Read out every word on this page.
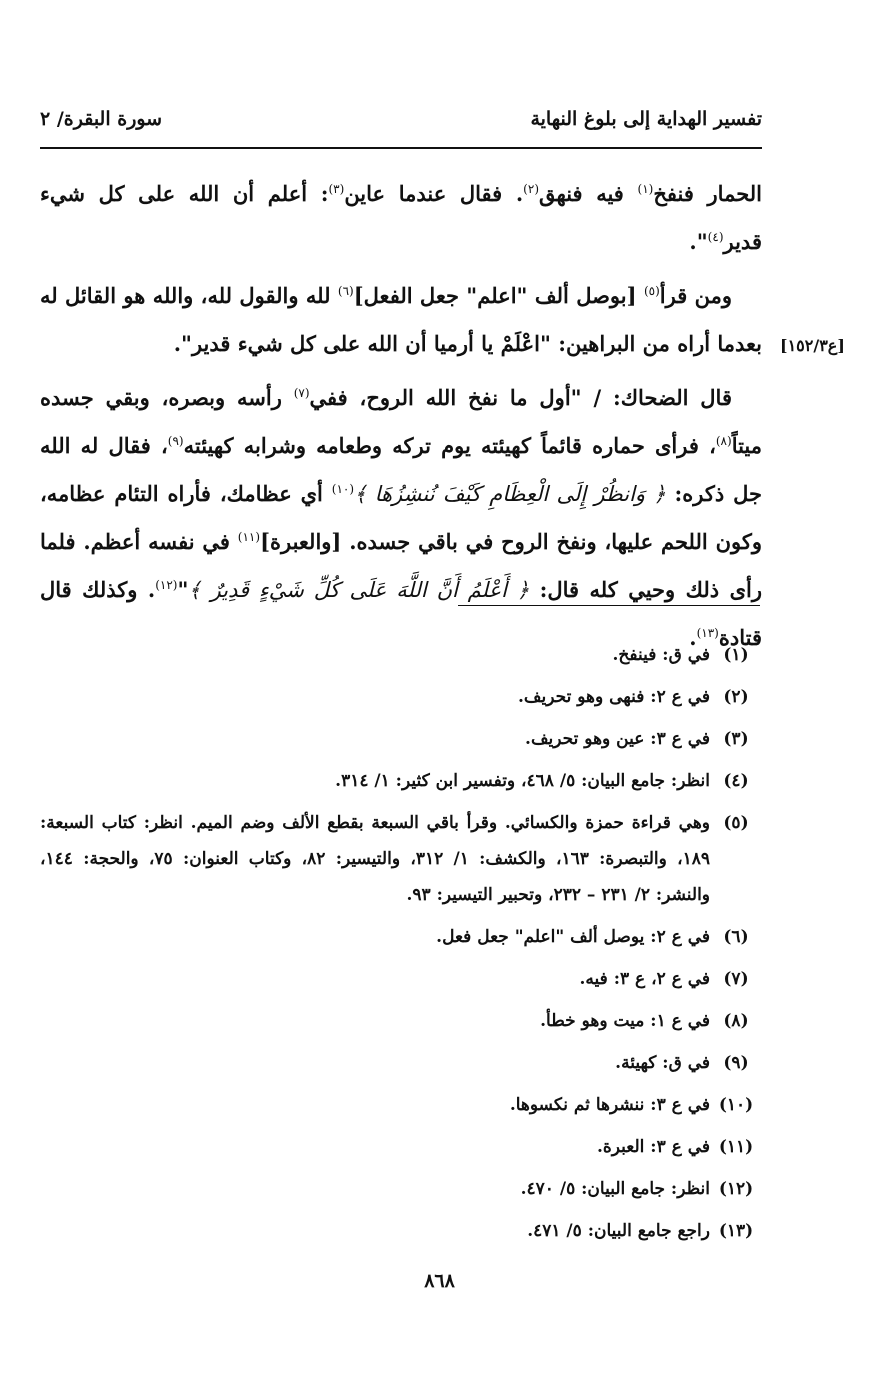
تفسير الهداية إلى بلوغ النهاية
سورة البقرة/ ٢
[ع١٥٢/٣]

الحمار فنفخ$^{(١)}$ فيه فنهق$^{(٢)}$. فقال عندما عاين$^{(٣)}$: أعلم أن الله على كل شيء قدير$^{(٤)}$".

ومن قرأ$^{(٥)}$ [بوصل ألف "اعلم" جعل الفعل]$^{(٦)}$ لله والقول لله، والله هو القائل له بعدما أراه من البراهين: "اعْلَمْ يا أرميا أن الله على كل شيء قدير".

قال الضحاك: / "أول ما نفخ الله الروح، ففي$^{(٧)}$ رأسه وبصره، وبقي جسده ميتاً$^{(٨)}$، فرأى حماره قائماً كهيئته يوم تركه وطعامه وشرابه كهيئته$^{(٩)}$، فقال له الله جل ذكره: ﴿ وَانظُرْ إِلَى الْعِظَامِ كَيْفَ نُنشِزُهَا ﴾$^{(١٠)}$ أي عظامك، فأراه التئام عظامه، وكون اللحم عليها، ونفخ الروح في باقي جسده. [والعبرة]$^{(١١)}$ في نفسه أعظم. فلما رأى ذلك وحيي كله قال: ﴿ أَعْلَمُ أَنَّ اللَّهَ عَلَى كُلِّ شَيْءٍ قَدِيرٌ ﴾"$^{(١٢)}$. وكذلك قال قتادة$^{(١٣)}$.

(١)
في ق: فينفخ.
(٢)
في ع ٢: فنهى وهو تحريف.
(٣)
في ع ٣: عين وهو تحريف.
(٤)
انظر: جامع البيان: ٥/ ٤٦٨، وتفسير ابن كثير: ١/ ٣١٤.
(٥)
وهي قراءة حمزة والكسائي. وقرأ باقي السبعة بقطع الألف وضم الميم. انظر: كتاب السبعة: ١٨٩، والتبصرة: ١٦٣، والكشف: ١/ ٣١٢، والتيسير: ٨٢، وكتاب العنوان: ٧٥، والحجة: ١٤٤، والنشر: ٢/ ٢٣١ – ٢٣٢، وتحبير التيسير: ٩٣.
(٦)
في ع ٢: يوصل ألف "اعلم" جعل فعل.
(٧)
في ع ٢، ع ٣: فيه.
(٨)
في ع ١: ميت وهو خطأ.
(٩)
في ق: كهيئة.
(١٠)
في ع ٣: ننشرها ثم نكسوها.
(١١)
في ع ٣: العبرة.
(١٢)
انظر: جامع البيان: ٥/ ٤٧٠.
(١٣)
راجع جامع البيان: ٥/ ٤٧١.
٨٦٨
